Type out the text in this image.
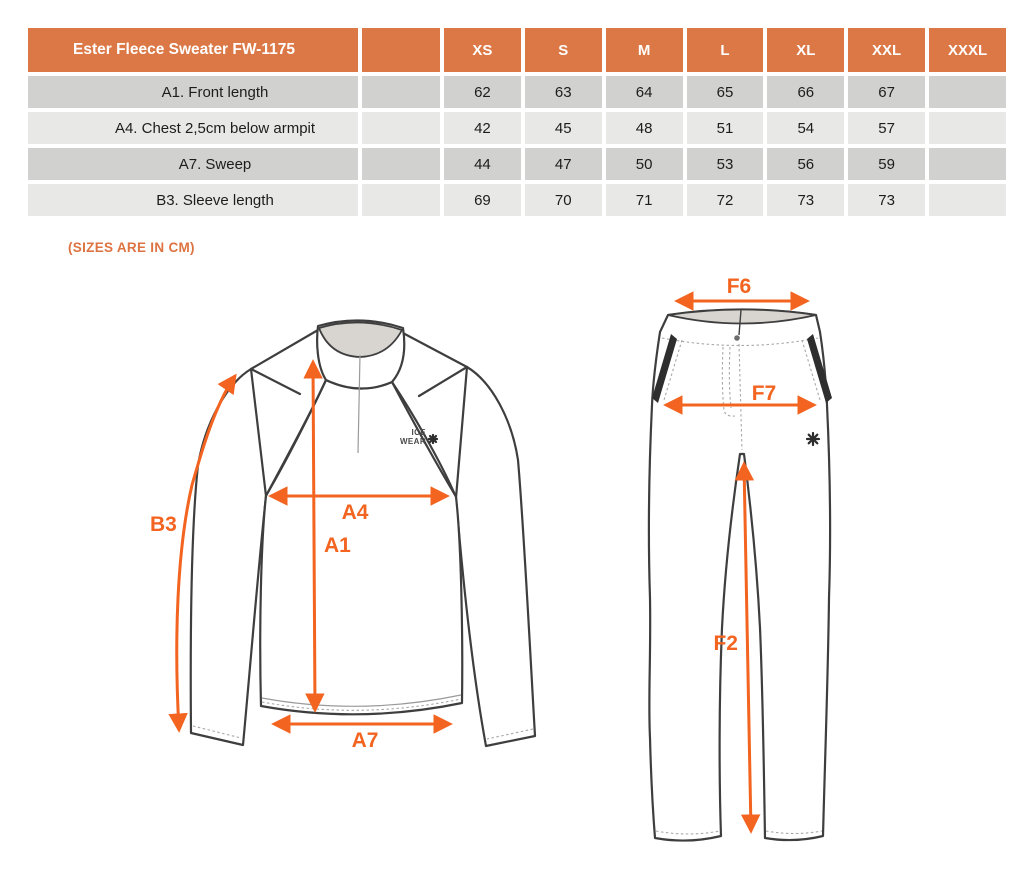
Ester Fleece Sweater FW-1175		XS	S	M	L	XL	XXL	XXXL
A1. Front length		62	63	64	65	66	67	
A4. Chest 2,5cm below armpit		42	45	48	51	54	57	
A7. Sweep		44	47	50	53	56	59	
B3. Sleeve length		69	70	71	72	73	73	
(SIZES ARE IN CM)
ICE
WEAR
B3
A4
A1
A7
F6
F7
F2
